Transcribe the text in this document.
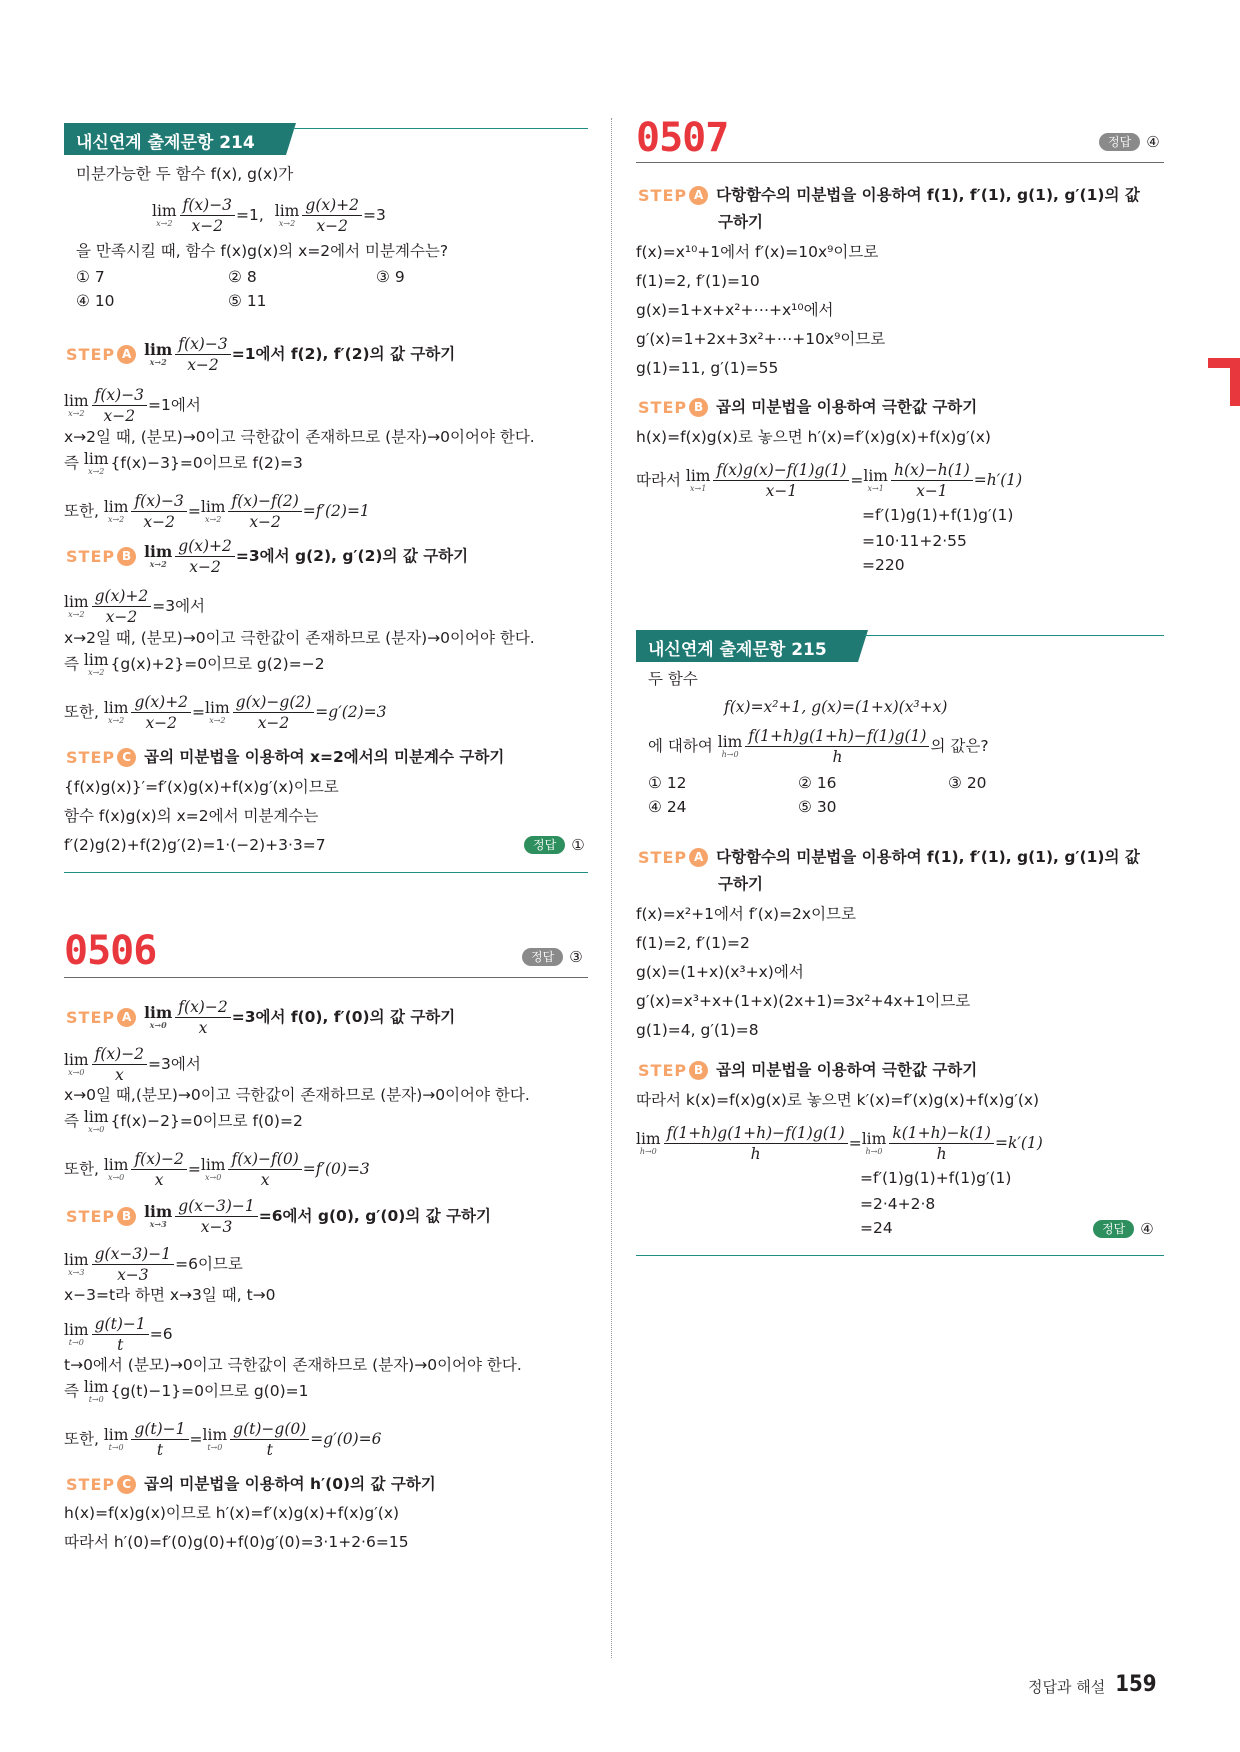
내신연계 출제문항 214
미분가능한 두 함수 f(x), g(x)가
lim
$x\to 2 \frac{f(x)-3}{x-2} =1$, lim
$x\to 2 \frac{g(x)+2}{x-2} =3$
을 만족시킬 때, 함수 f(x)g(x)의 x=2에서 미분계수는?
① 7	② 8	③ 9
④ 10	⑤ 11
STEP A lim
$x\to 2 \frac{f(x)-3}{x-2} =1$에서 f(2), f′(2)의 값 구하기
lim
$x\to 2 \frac{f(x)-3}{x-2} =1$에서
x→2일 때, (분모)→0이고 극한값이 존재하므로 (분자)→0이어야 한다.
즉 lim
x→2 {f(x)−3}=0이므로 f(2)=3
또한, lim
$x\to 2 \frac{f(x)-3}{x-2} = \lim$
$x\to 2 \frac{f(x)-f(2)}{x-2} =f'(2)=1$
STEP B lim
$x\to 2 \frac{g(x)+2}{x-2} =3$에서 g(2), g′(2)의 값 구하기
lim
$x\to 2 \frac{g(x)+2}{x-2} =3$에서
x→2일 때, (분모)→0이고 극한값이 존재하므로 (분자)→0이어야 한다.
즉 lim
x→2 {g(x)+2}=0이므로 g(2)=−2
또한, lim
$x\to 2 \frac{g(x)+2}{x-2} = \lim$
$x\to 2 \frac{g(x)-g(2)}{x-2} =g'(2)=3$
STEP C 곱의 미분법을 이용하여 x=2에서의 미분계수 구하기
{f(x)g(x)}′=f′(x)g(x)+f(x)g′(x)이므로
함수 f(x)g(x)의 x=2에서 미분계수는
f′(2)g(2)+f(2)g′(2)=1·(−2)+3·3=7	정답 ①
0506	정답 ③
STEP A lim
$x\to 0 \frac{f(x)-2}{x} =3$에서 f(0), f′(0)의 값 구하기
lim
$x\to 0 \frac{f(x)-2}{x} =3$에서
x→0일 때,(분모)→0이고 극한값이 존재하므로 (분자)→0이어야 한다.
즉 lim
x→0 {f(x)−2}=0이므로 f(0)=2
또한, lim
$x\to 0 \frac{f(x)-2}{x} = \lim$
$x\to 0 \frac{f(x)-f(0)}{x} =f'(0)=3$
STEP B lim
$x\to 3 \frac{g(x-3)-1}{x-3} =6$에서 g(0), g′(0)의 값 구하기
lim
$x\to 3 \frac{g(x-3)-1}{x-3} =6$이므로
x−3=t라 하면 x→3일 때, t→0
lim
$t\to 0 \frac{g(t)-1}{t} =6$
t→0에서 (분모)→0이고 극한값이 존재하므로 (분자)→0이어야 한다.
즉 lim
t→0 {g(t)−1}=0이므로 g(0)=1
또한, lim
$t\to 0 \frac{g(t)-1}{t} = \lim$
$t\to 0 \frac{g(t)-g(0)}{t} =g'(0)=6$
STEP C 곱의 미분법을 이용하여 h′(0)의 값 구하기
h(x)=f(x)g(x)이므로 h′(x)=f′(x)g(x)+f(x)g′(x)
따라서 h′(0)=f′(0)g(0)+f(0)g′(0)=3·1+2·6=15
0507	정답 ④
STEP A 다항함수의 미분법을 이용하여 f(1), f′(1), g(1), g′(1)의 값
구하기
f(x)=x¹⁰+1에서 f′(x)=10x⁹이므로
f(1)=2, f′(1)=10
g(x)=1+x+x²+⋯+x¹⁰에서
g′(x)=1+2x+3x²+⋯+10x⁹이므로
g(1)=11, g′(1)=55
STEP B 곱의 미분법을 이용하여 극한값 구하기
h(x)=f(x)g(x)로 놓으면 h′(x)=f′(x)g(x)+f(x)g′(x)
따라서 lim
$x\to 1 \frac{f(x)g(x)-f(1)g(1)}{x-1} = \lim$
$x\to 1 \frac{h(x)-h(1)}{x-1} =h'(1)$
=f′(1)g(1)+f(1)g′(1)
=10·11+2·55
=220
내신연계 출제문항 215
두 함수
f(x)=x²+1, g(x)=(1+x)(x³+x)
에 대하여 lim
$h\to 0 \frac{f(1+h)g(1+h)-f(1)g(1)}{h}$ 의 값은?
① 12	② 16	③ 20
④ 24	⑤ 30
STEP A 다항함수의 미분법을 이용하여 f(1), f′(1), g(1), g′(1)의 값
구하기
f(x)=x²+1에서 f′(x)=2x이므로
f(1)=2, f′(1)=2
g(x)=(1+x)(x³+x)에서
g′(x)=x³+x+(1+x)(2x+1)=3x²+4x+1이므로
g(1)=4, g′(1)=8
STEP B 곱의 미분법을 이용하여 극한값 구하기
따라서 k(x)=f(x)g(x)로 놓으면 k′(x)=f′(x)g(x)+f(x)g′(x)
lim
$h\to 0 \frac{f(1+h)g(1+h)-f(1)g(1)}{h} = \lim$
$h\to 0 \frac{k(1+h)-k(1)}{h} =k'(1)$
=f′(1)g(1)+f(1)g′(1)
=2·4+2·8
=24	정답 ④
정답과 해설 159
